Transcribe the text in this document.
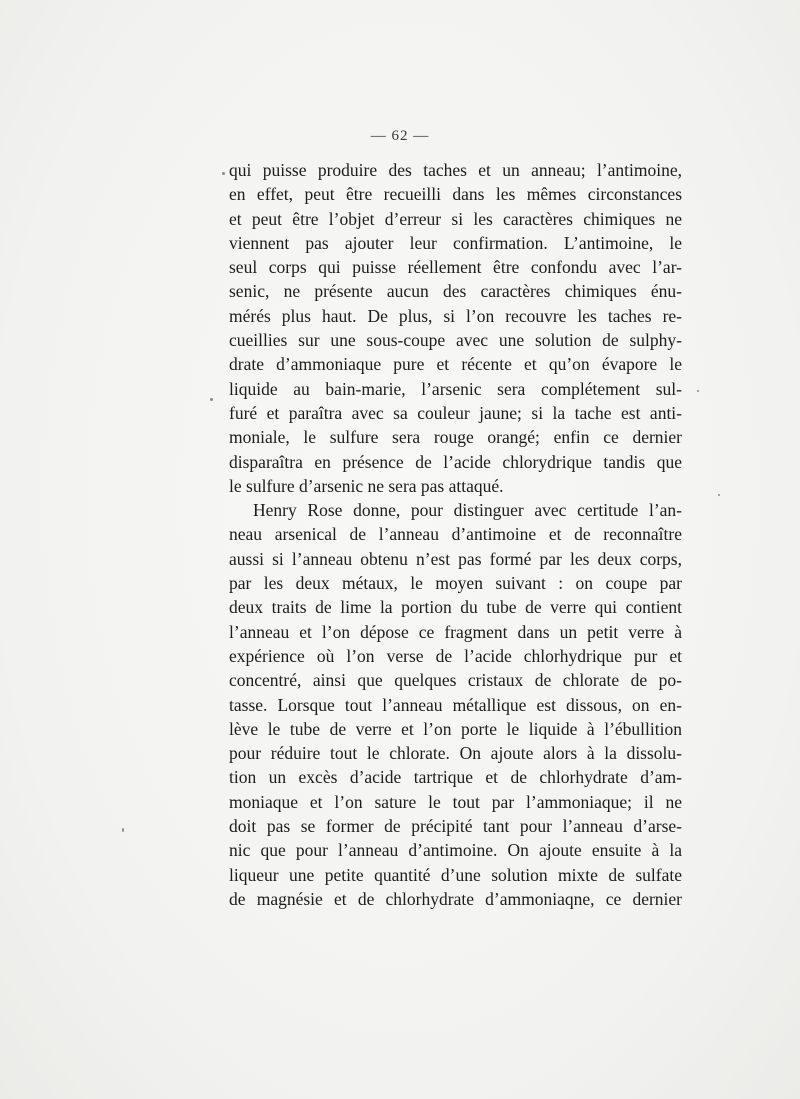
— 62 —
qui puisse produire des taches et un anneau; l’antimoine,
en effet, peut être recueilli dans les mêmes circonstances
et peut être l’objet d’erreur si les caractères chimiques ne
viennent pas ajouter leur confirmation. L’antimoine, le
seul corps qui puisse réellement être confondu avec l’ar-
senic, ne présente aucun des caractères chimiques énu-
mérés plus haut. De plus, si l’on recouvre les taches re-
cueillies sur une sous-coupe avec une solution de sulphy-
drate d’ammoniaque pure et récente et qu’on évapore le
liquide au bain-marie, l’arsenic sera complétement sul-
furé et paraîtra avec sa couleur jaune; si la tache est anti-
moniale, le sulfure sera rouge orangé; enfin ce dernier
disparaîtra en présence de l’acide chlorydrique tandis que
le sulfure d’arsenic ne sera pas attaqué.
Henry Rose donne, pour distinguer avec certitude l’an-
neau arsenical de l’anneau d’antimoine et de reconnaître
aussi si l’anneau obtenu n’est pas formé par les deux corps,
par les deux métaux, le moyen suivant : on coupe par
deux traits de lime la portion du tube de verre qui contient
l’anneau et l’on dépose ce fragment dans un petit verre à
expérience où l’on verse de l’acide chlorhydrique pur et
concentré, ainsi que quelques cristaux de chlorate de po-
tasse. Lorsque tout l’anneau métallique est dissous, on en-
lève le tube de verre et l’on porte le liquide à l’ébullition
pour réduire tout le chlorate. On ajoute alors à la dissolu-
tion un excès d’acide tartrique et de chlorhydrate d’am-
moniaque et l’on sature le tout par l’ammoniaque; il ne
doit pas se former de précipité tant pour l’anneau d’arse-
nic que pour l’anneau d’antimoine. On ajoute ensuite à la
liqueur une petite quantité d’une solution mixte de sulfate
de magnésie et de chlorhydrate d’ammoniaqne, ce dernier
